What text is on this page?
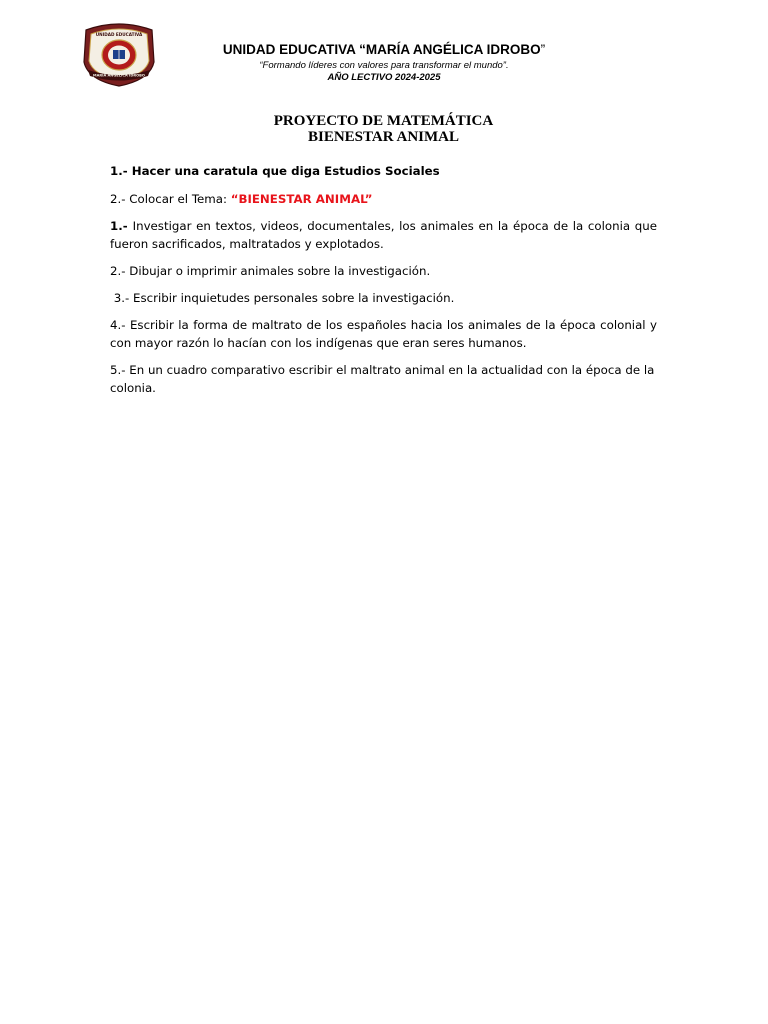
UNIDAD EDUCATIVA
MARÍA ANGÉLICA IDROBO
UNIDAD EDUCATIVA “MARÍA ANGÉLICA IDROBO”
“Formando líderes con valores para transformar el mundo”.
AÑO LECTIVO 2024-2025
PROYECTO DE MATEMÁTICA
BIENESTAR ANIMAL

1.- Hacer una caratula que diga Estudios Sociales

2.- Colocar el Tema: “BIENESTAR ANIMAL”

1.- Investigar en textos, videos, documentales, los animales en la época de la colonia que fueron sacrificados, maltratados y explotados.

2.- Dibujar o imprimir animales sobre la investigación.

3.- Escribir inquietudes personales sobre la investigación.

4.- Escribir la forma de maltrato de los españoles hacia los animales de la época colonial y con mayor razón lo hacían con los indígenas que eran seres humanos.

5.- En un cuadro comparativo escribir el maltrato animal en la actualidad con la época de la colonia.
